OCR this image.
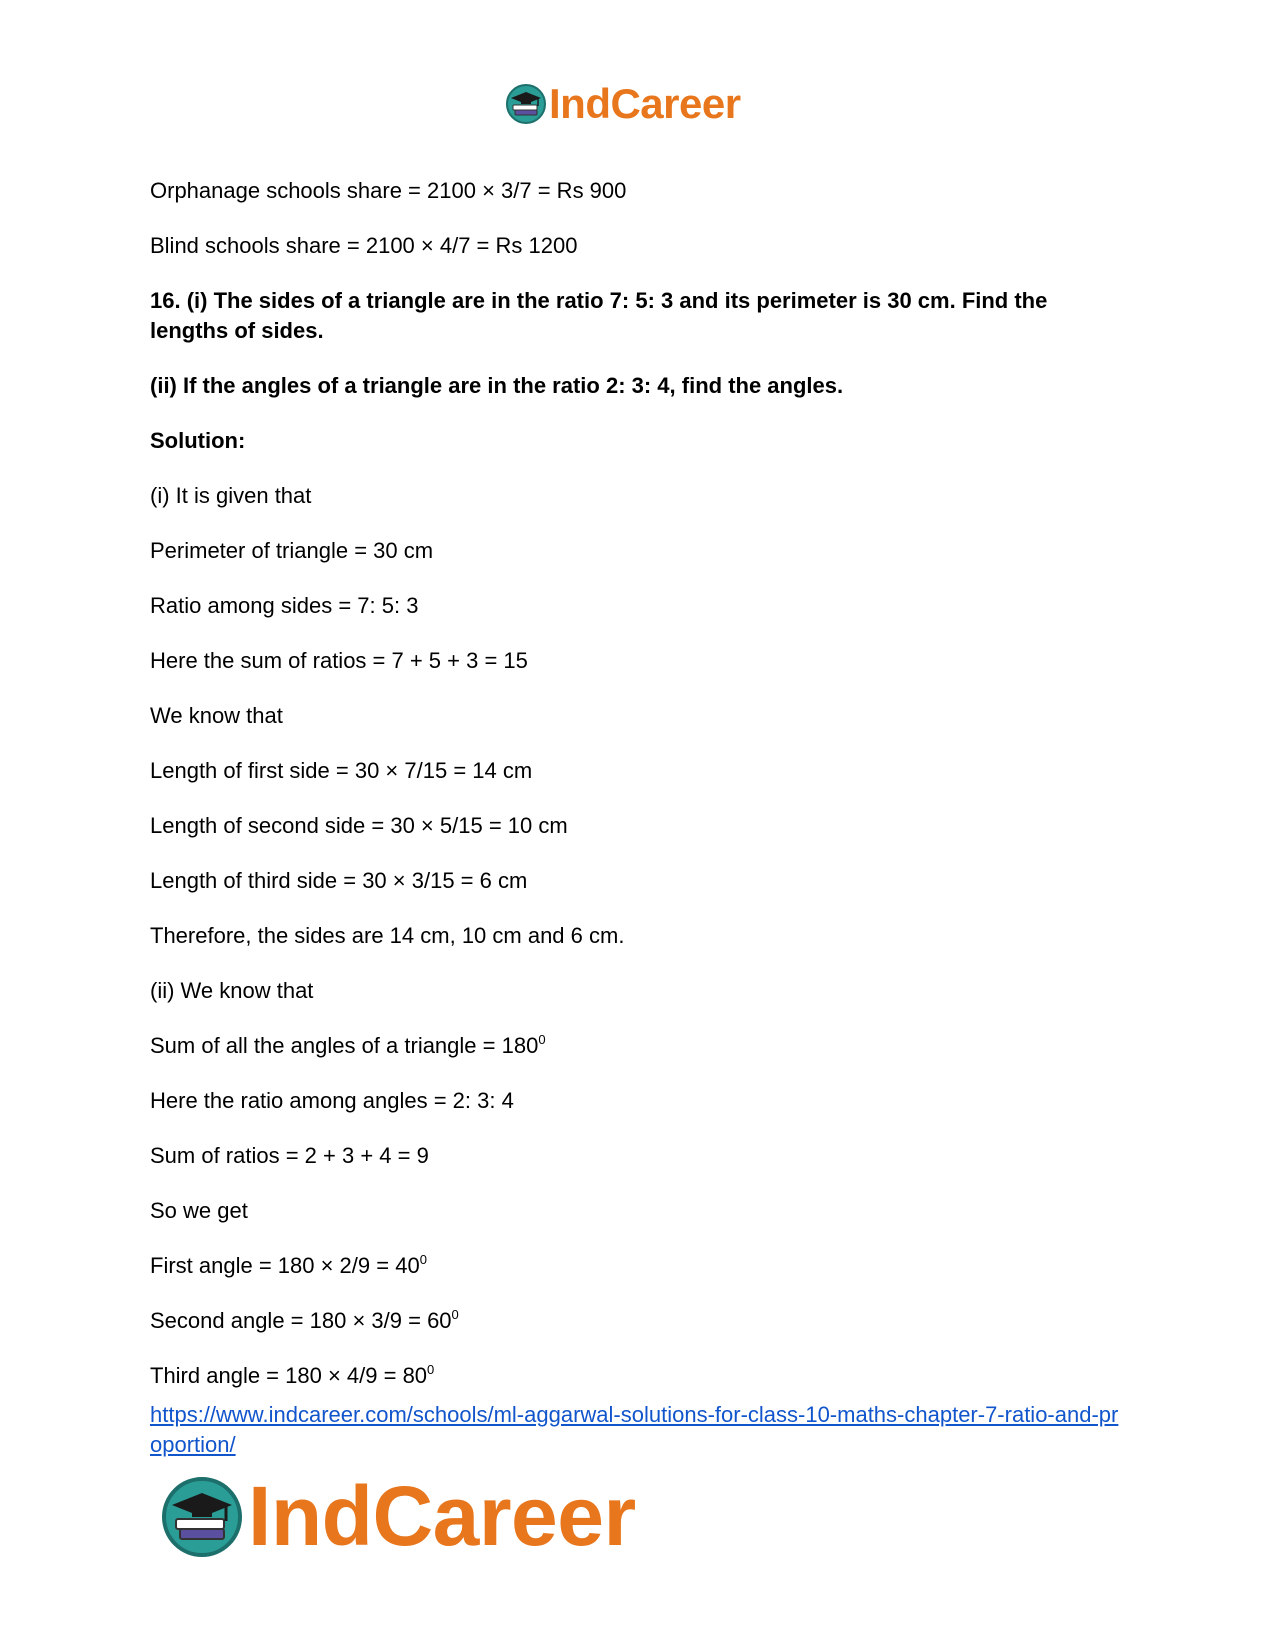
IndCareer
Orphanage schools share = 2100 × 3/7 = Rs 900
Blind schools share = 2100 × 4/7 = Rs 1200
16. (i) The sides of a triangle are in the ratio 7: 5: 3 and its perimeter is 30 cm. Find the
lengths of sides.
(ii) If the angles of a triangle are in the ratio 2: 3: 4, find the angles.
Solution:
(i) It is given that
Perimeter of triangle = 30 cm
Ratio among sides = 7: 5: 3
Here the sum of ratios = 7 + 5 + 3 = 15
We know that
Length of first side = 30 × 7/15 = 14 cm
Length of second side = 30 × 5/15 = 10 cm
Length of third side = 30 × 3/15 = 6 cm
Therefore, the sides are 14 cm, 10 cm and 6 cm.
(ii) We know that
Sum of all the angles of a triangle = $180^0$
Here the ratio among angles = 2: 3: 4
Sum of ratios = 2 + 3 + 4 = 9
So we get
First angle = $180 \times 2/9 = 40^0$
Second angle = $180 \times 3/9 = 60^0$
Third angle = $180 \times 4/9 = 80^0$
https://www.indcareer.com/schools/ml-aggarwal-solutions-for-class-10-maths-chapter-7-ratio-and-proportion/
IndCareer
